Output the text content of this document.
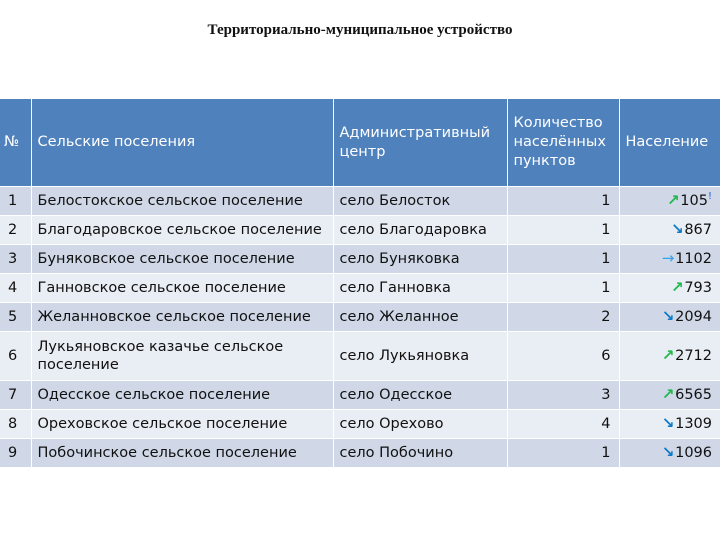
Территориально-муниципальное устройство
№	Сельские поселения	Административный центр	Количество населённых пунктов	Население
1	Белостокское сельское поселение	село Белосток	1	↗105!
2	Благодаровское сельское поселение	село Благодаровка	1	↘867
3	Буняковское сельское поселение	село Буняковка	1	→1102
4	Ганновское сельское поселение	село Ганновка	1	↗793
5	Желанновское сельское поселение	село Желанное	2	↘2094
6	Лукьяновское казачье сельское поселение	село Лукьяновка	6	↗2712
7	Одесское сельское поселение	село Одесское	3	↗6565
8	Ореховское сельское поселение	село Орехово	4	↘1309
9	Побочинское сельское поселение	село Побочино	1	↘1096
